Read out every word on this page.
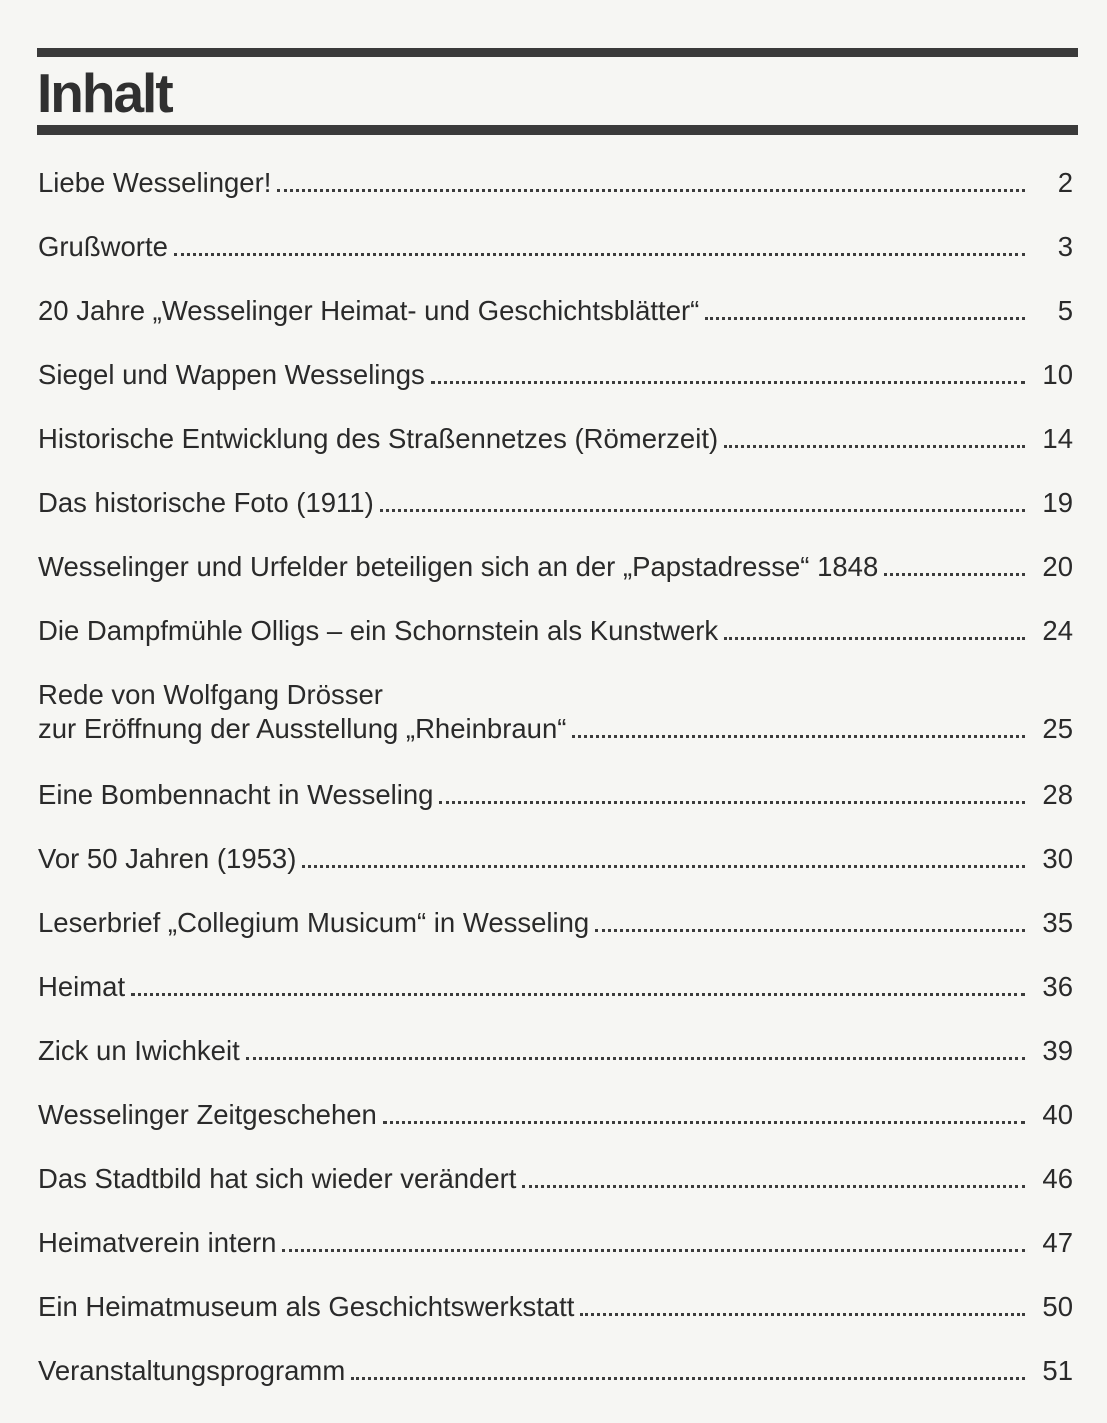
Inhalt
Liebe Wesselinger!	2
Grußworte	3
20 Jahre „Wesselinger Heimat- und Geschichtsblätter“	5
Siegel und Wappen Wesselings	10
Historische Entwicklung des Straßennetzes (Römerzeit)	14
Das historische Foto (1911)	19
Wesselinger und Urfelder beteiligen sich an der „Papstadresse“ 1848	20
Die Dampfmühle Olligs – ein Schornstein als Kunstwerk	24
Rede von Wolfgang Drösser
zur Eröffnung der Ausstellung „Rheinbraun“	25
Eine Bombennacht in Wesseling	28
Vor 50 Jahren (1953)	30
Leserbrief „Collegium Musicum“ in Wesseling	35
Heimat	36
Zick un Iwichkeit	39
Wesselinger Zeitgeschehen	40
Das Stadtbild hat sich wieder verändert	46
Heimatverein intern	47
Ein Heimatmuseum als Geschichtswerkstatt	50
Veranstaltungsprogramm	51
